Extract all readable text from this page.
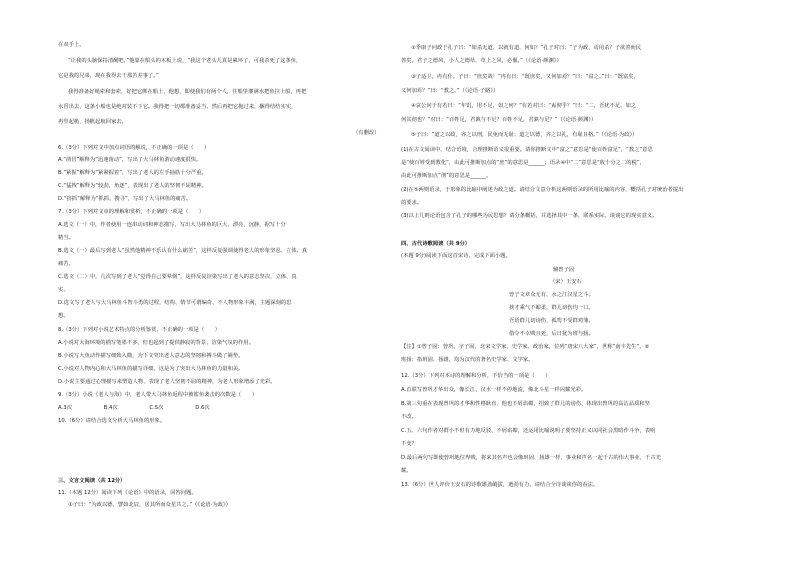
在双手上。
“让我的头脑保持清醒吧，”他靠在船头的木板上说，“我这个老头儿真是累坏了，可我杀死了这条鱼，
它是我的兄弟，现在我得去干那苦差事了。”
我得准备好绳索和套索，好把它绑在船上，他想，即使我们有两个人，往船里灌满水把鱼拉上船，再把
水舀出去，这条小船也是绝对装不下它。我得把一切都准备妥当，然后再把它拖过来，捆得结结实实，
再竖起桅，扬帆起航回家去。
（有删改）
6.（3分）下列对文中加点词语的解说，不正确的一项是（　　）
A.“凿冒”解释为“迅速凿动”，写出了大马林鱼游动速度很快。
B.“紧握”解释为“紧紧握着”，写出了老人的左手抽筋十分严重。
C.“猛拽”解释为“较劲，角逐”，表现出了老人的坚韧不屈精神。
D.“挤抓”解释为“抓抓，搜寻”，写出了大马林鱼的痛苦。
7.（3分）下列对文章的理解和赏析，不正确的一项是（　　）
A.选文（一）中，作者使用一连串动词和神态描写，写出大马林鱼的巨大、漂亮、沉静，据写十分
精当。
B.选文（一）最后写到老人“虽然他精神不乐认有什么痛苦”，这样反复强调使得老人的形象坚忍、立体、真
痛苦。
C.选文（二）中，几次写到了老人“觉得自己要晕倒”，这样反复渲染写出了老人的意志坚决，立体、真
实。
D.选文写了老人与大马林鱼斗智斗勇的过程，结构、情节可谓编奇，不人物形象丰满，主题深刻的思
想。
8.（3分）下列对小说艺术特点的分析鉴赏，不正确的一项是（　　）
A.小说对大海环境的描写笔墨不多，但也起到了提供静寂的背景、渲染气氛的作用。
B.小说写大鱼动作描写细致入微，为下文突出老人意志的坚韧和搏斗做了铺垫。
C.小说对人物内心和大马林鱼的描写详细，这是为了突出大马林鱼的力量和美。
D.小说主要通过心理描写来塑造人物，表现了老人坚韧不屈的精神，为老人形象增添了光彩。
9.（3分）小说《老人与海》中，老人带大马林鱼返程中被鲨鱼袭击的次数是（　　）
A.3次　　　　　　B.4次　　　　　　C.5次　　　　　　D.6次
10.（6分）请结合选文分析大马林鱼的形象。
三、文言文阅读（共 12分）
11.（本题 12分）阅读下列《论语》中的语录，回答问题。
①子曰：“为政以德，譬如北辰，居其所而众星共之。”（《论语·为政》）
②季康子问政于孔子曰：“如杀无道，以就有道，何如？”孔子对曰：“子为政，焉用杀？子欲善而民
善矣。君子之德风，小人之德草，草上之风，必偃。”（《论语·颜渊》）
③子适卫，冉有仆。子曰：“庶矣哉！”冉有曰：“既庶矣，又何加焉？”曰：“富之。”曰：“既富矣，
又何加焉？”曰：“教之。”（《论语·子路》）
④哀公问于有若曰：“年饥，用不足，如之何？”有若对曰：“盍彻乎？”曰：“二，吾犹不足，如之
何其彻也？”对曰：“百姓足，君孰与不足？百姓不足，君孰与足？”（《论语·颜渊》）
⑤子曰：“道之以政，齐之以刑，民免而无耻；道之以德，齐之以礼，有耻且格。”（《论语·为政》）
(1)在古文阅读中，结合语境，合理推断语义很重要。请你推断文中“富之”意思是“使百姓富足”，“教之”意思
是“使百姓受到教化”，由此可推断加点的“庶”的意思是______；语录④中“二”意思是“收十分之二的税”，
由此可推断加点“彻”的意思是______。
(2)在⑤两则语录，于形象的比喻中阐述为政之道。请结合文意分析这两则语录的所用比喻的内容，概括孔子对统治者提出
的要求。
(3)以上几则论语包含了孔子的哪些为民思想？请分条概括，并选择其中一条，联系实际，谈谈它的现实意义。
四、古代诗歌阅读（共 9分）
(本题 9分)阅读下面这首宋诗，完成下面小题。
辅曾子固
（宋）王安石
曾子文章众无有，水之江汉星之斗。
挟才乘气不媚柔，群儿谤伤均一口。
吾语群儿切谤伤，孤鸾不受群鸡雏。
借令不幸贱且死，后日犹为班与扬。
【注】①曾子固：曾巩，字子固，北宋文学家、史学家、政治家，位列“唐宋八大家”，世称“南丰先生”。②
班扬：指班固、扬雄，均为汉代的著名史学家、文学家。
12.（3分）下列对本诗的理解和分析，不恰当的一项是（　　）
A.首联写曾巩才华出众，像长江、汉水一样不停地流，像北斗星一样闪耀光彩。
B.第三句重在表现曾巩的才华和性格耿直，他也不屑谄媚，招致了群儿的谤伤，体现出曾巩的高洁品质和坚
不改。
C.五、六句作者对群小不但有力地反驳，不屑谄媚，还运用比喻说明了要坚持正义以同社会黑暗作斗争，表明
不变？
D.最后两句写即使曾巩地位卑贱，将来其名声也会像班固、扬雄一样，事业和声名一起千古的伟大事业，千古光
耀。
13.（6分）世人评价王安石的诗歌雄劲峭拔，遒劲有力，请结合全诗谈谈你的看法。
